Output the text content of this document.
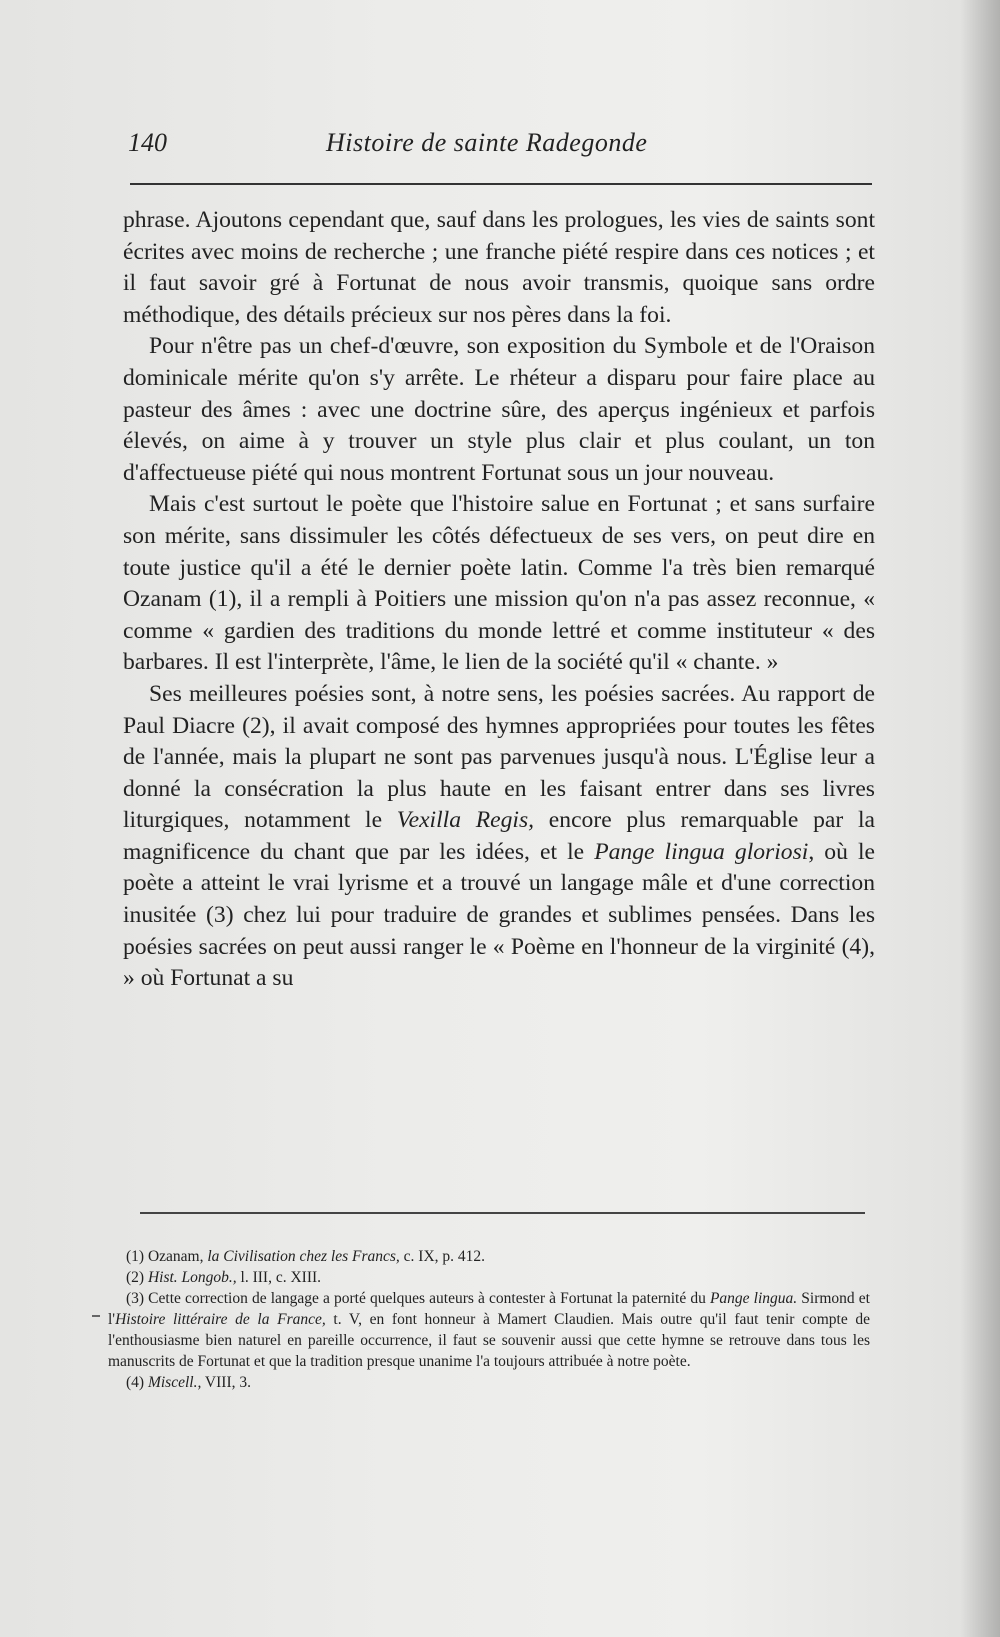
140	Histoire de sainte Radegonde

phrase. Ajoutons cependant que, sauf dans les prologues, les vies de saints sont écrites avec moins de recherche ; une franche piété respire dans ces notices ; et il faut savoir gré à Fortunat de nous avoir transmis, quoique sans ordre méthodique, des détails précieux sur nos pères dans la foi.

Pour n'être pas un chef-d'œuvre, son exposition du Symbole et de l'Oraison dominicale mérite qu'on s'y arrête. Le rhéteur a disparu pour faire place au pasteur des âmes : avec une doctrine sûre, des aperçus ingénieux et parfois élevés, on aime à y trouver un style plus clair et plus coulant, un ton d'affectueuse piété qui nous montrent Fortunat sous un jour nouveau.

Mais c'est surtout le poète que l'histoire salue en Fortunat ; et sans surfaire son mérite, sans dissimuler les côtés défectueux de ses vers, on peut dire en toute justice qu'il a été le dernier poète latin. Comme l'a très bien remarqué Ozanam (1), il a rempli à Poitiers une mission qu'on n'a pas assez reconnue, « comme « gardien des traditions du monde lettré et comme instituteur « des barbares. Il est l'interprète, l'âme, le lien de la société qu'il « chante. »

Ses meilleures poésies sont, à notre sens, les poésies sacrées. Au rapport de Paul Diacre (2), il avait composé des hymnes appropriées pour toutes les fêtes de l'année, mais la plupart ne sont pas parvenues jusqu'à nous. L'Église leur a donné la consécration la plus haute en les faisant entrer dans ses livres liturgiques, notamment le Vexilla Regis, encore plus remarquable par la magnificence du chant que par les idées, et le Pange lingua gloriosi, où le poète a atteint le vrai lyrisme et a trouvé un langage mâle et d'une correction inusitée (3) chez lui pour traduire de grandes et sublimes pensées. Dans les poésies sacrées on peut aussi ranger le « Poème en l'honneur de la virginité (4), » où Fortunat a su

(1) Ozanam, la Civilisation chez les Francs, c. IX, p. 412.

(2) Hist. Longob., l. III, c. XIII.

(3) Cette correction de langage a porté quelques auteurs à contester à Fortunat la paternité du Pange lingua. Sirmond et l'Histoire littéraire de la France, t. V, en font honneur à Mamert Claudien. Mais outre qu'il faut tenir compte de l'enthousiasme bien naturel en pareille occurrence, il faut se souvenir aussi que cette hymne se retrouve dans tous les manuscrits de Fortunat et que la tradition presque unanime l'a toujours attribuée à notre poète.

(4) Miscell., VIII, 3.
